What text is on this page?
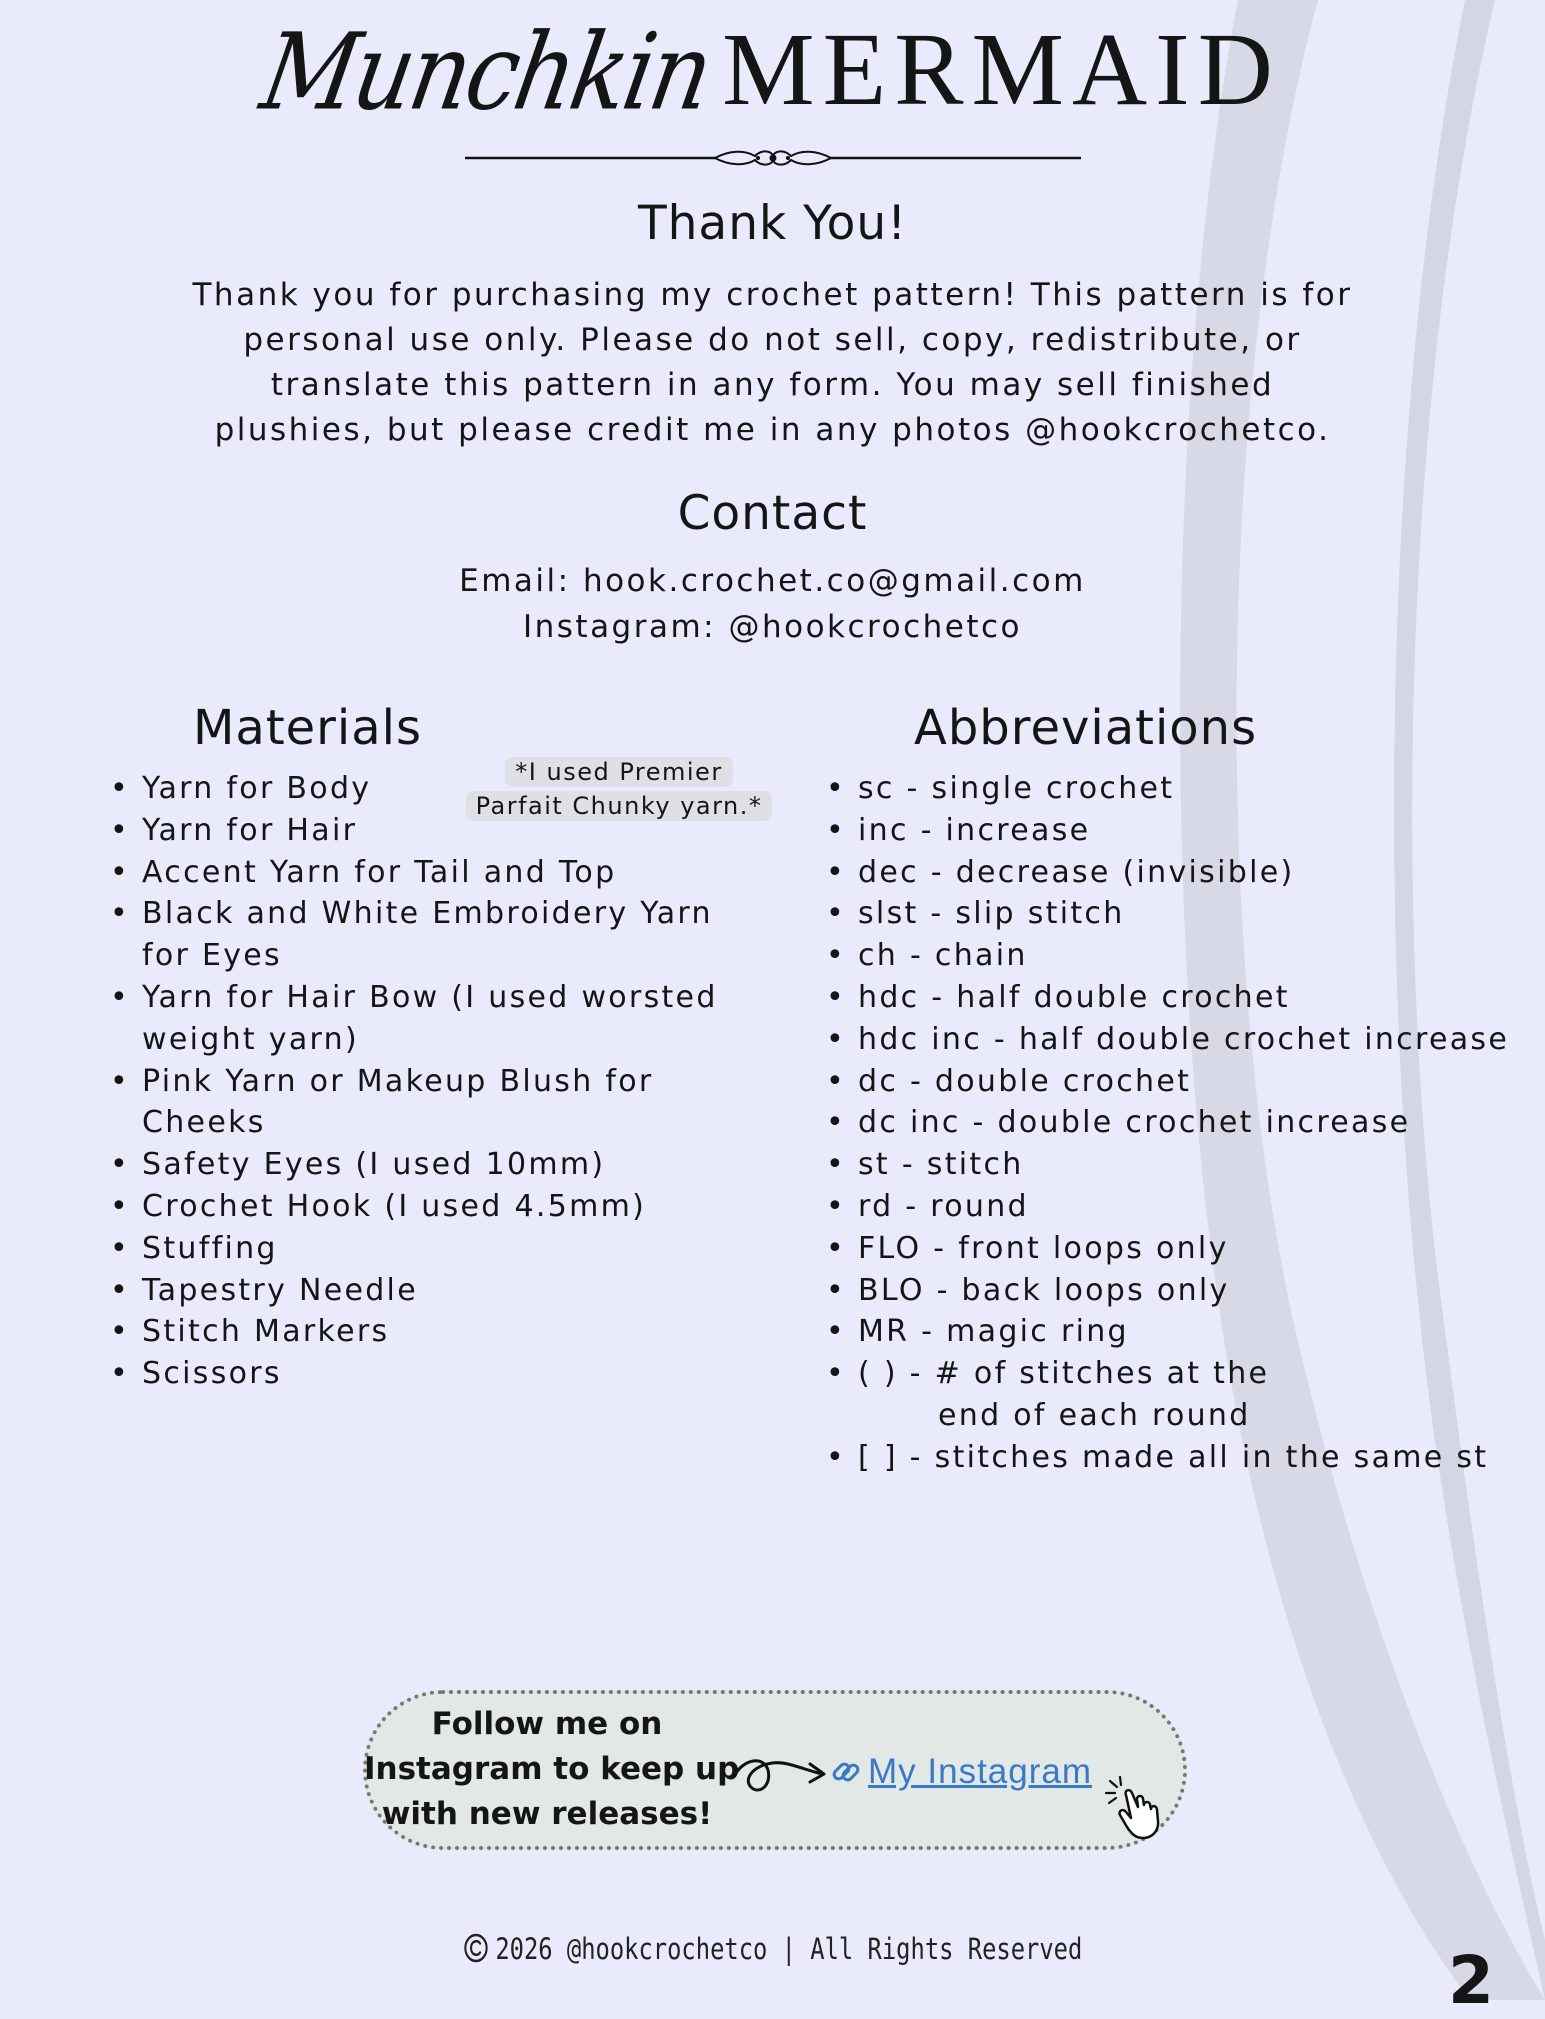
MunchkinMERMAID
Thank You!
Thank you for purchasing my crochet pattern! This pattern is for
personal use only. Please do not sell, copy, redistribute, or
translate this pattern in any form. You may sell finished
plushies, but please credit me in any photos @hookcrochetco.
Contact
Email: hook.crochet.co@gmail.com
Instagram: @hookcrochetco
Materials
*I used Premier
Parfait Chunky yarn.*
• Yarn for Body
• Yarn for Hair
• Accent Yarn for Tail and Top
• Black and White Embroidery Yarn
for Eyes
• Yarn for Hair Bow (I used worsted
weight yarn)
• Pink Yarn or Makeup Blush for
Cheeks
• Safety Eyes (I used 10mm)
• Crochet Hook (I used 4.5mm)
• Stuffing
• Tapestry Needle
• Stitch Markers
• Scissors
Abbreviations
• sc - single crochet
• inc - increase
• dec - decrease (invisible)
• slst - slip stitch
• ch - chain
• hdc - half double crochet
• hdc inc - half double crochet increase
• dc - double crochet
• dc inc - double crochet increase
• st - stitch
• rd - round
• FLO - front loops only
• BLO - back loops only
• MR - magic ring
• ( ) - # of stitches at the
end of each round
• [ ] - stitches made all in the same st
Follow me on
Instagram to keep up
with new releases!
My Instagram
2026 @hookcrochetco | All Rights Reserved	2
